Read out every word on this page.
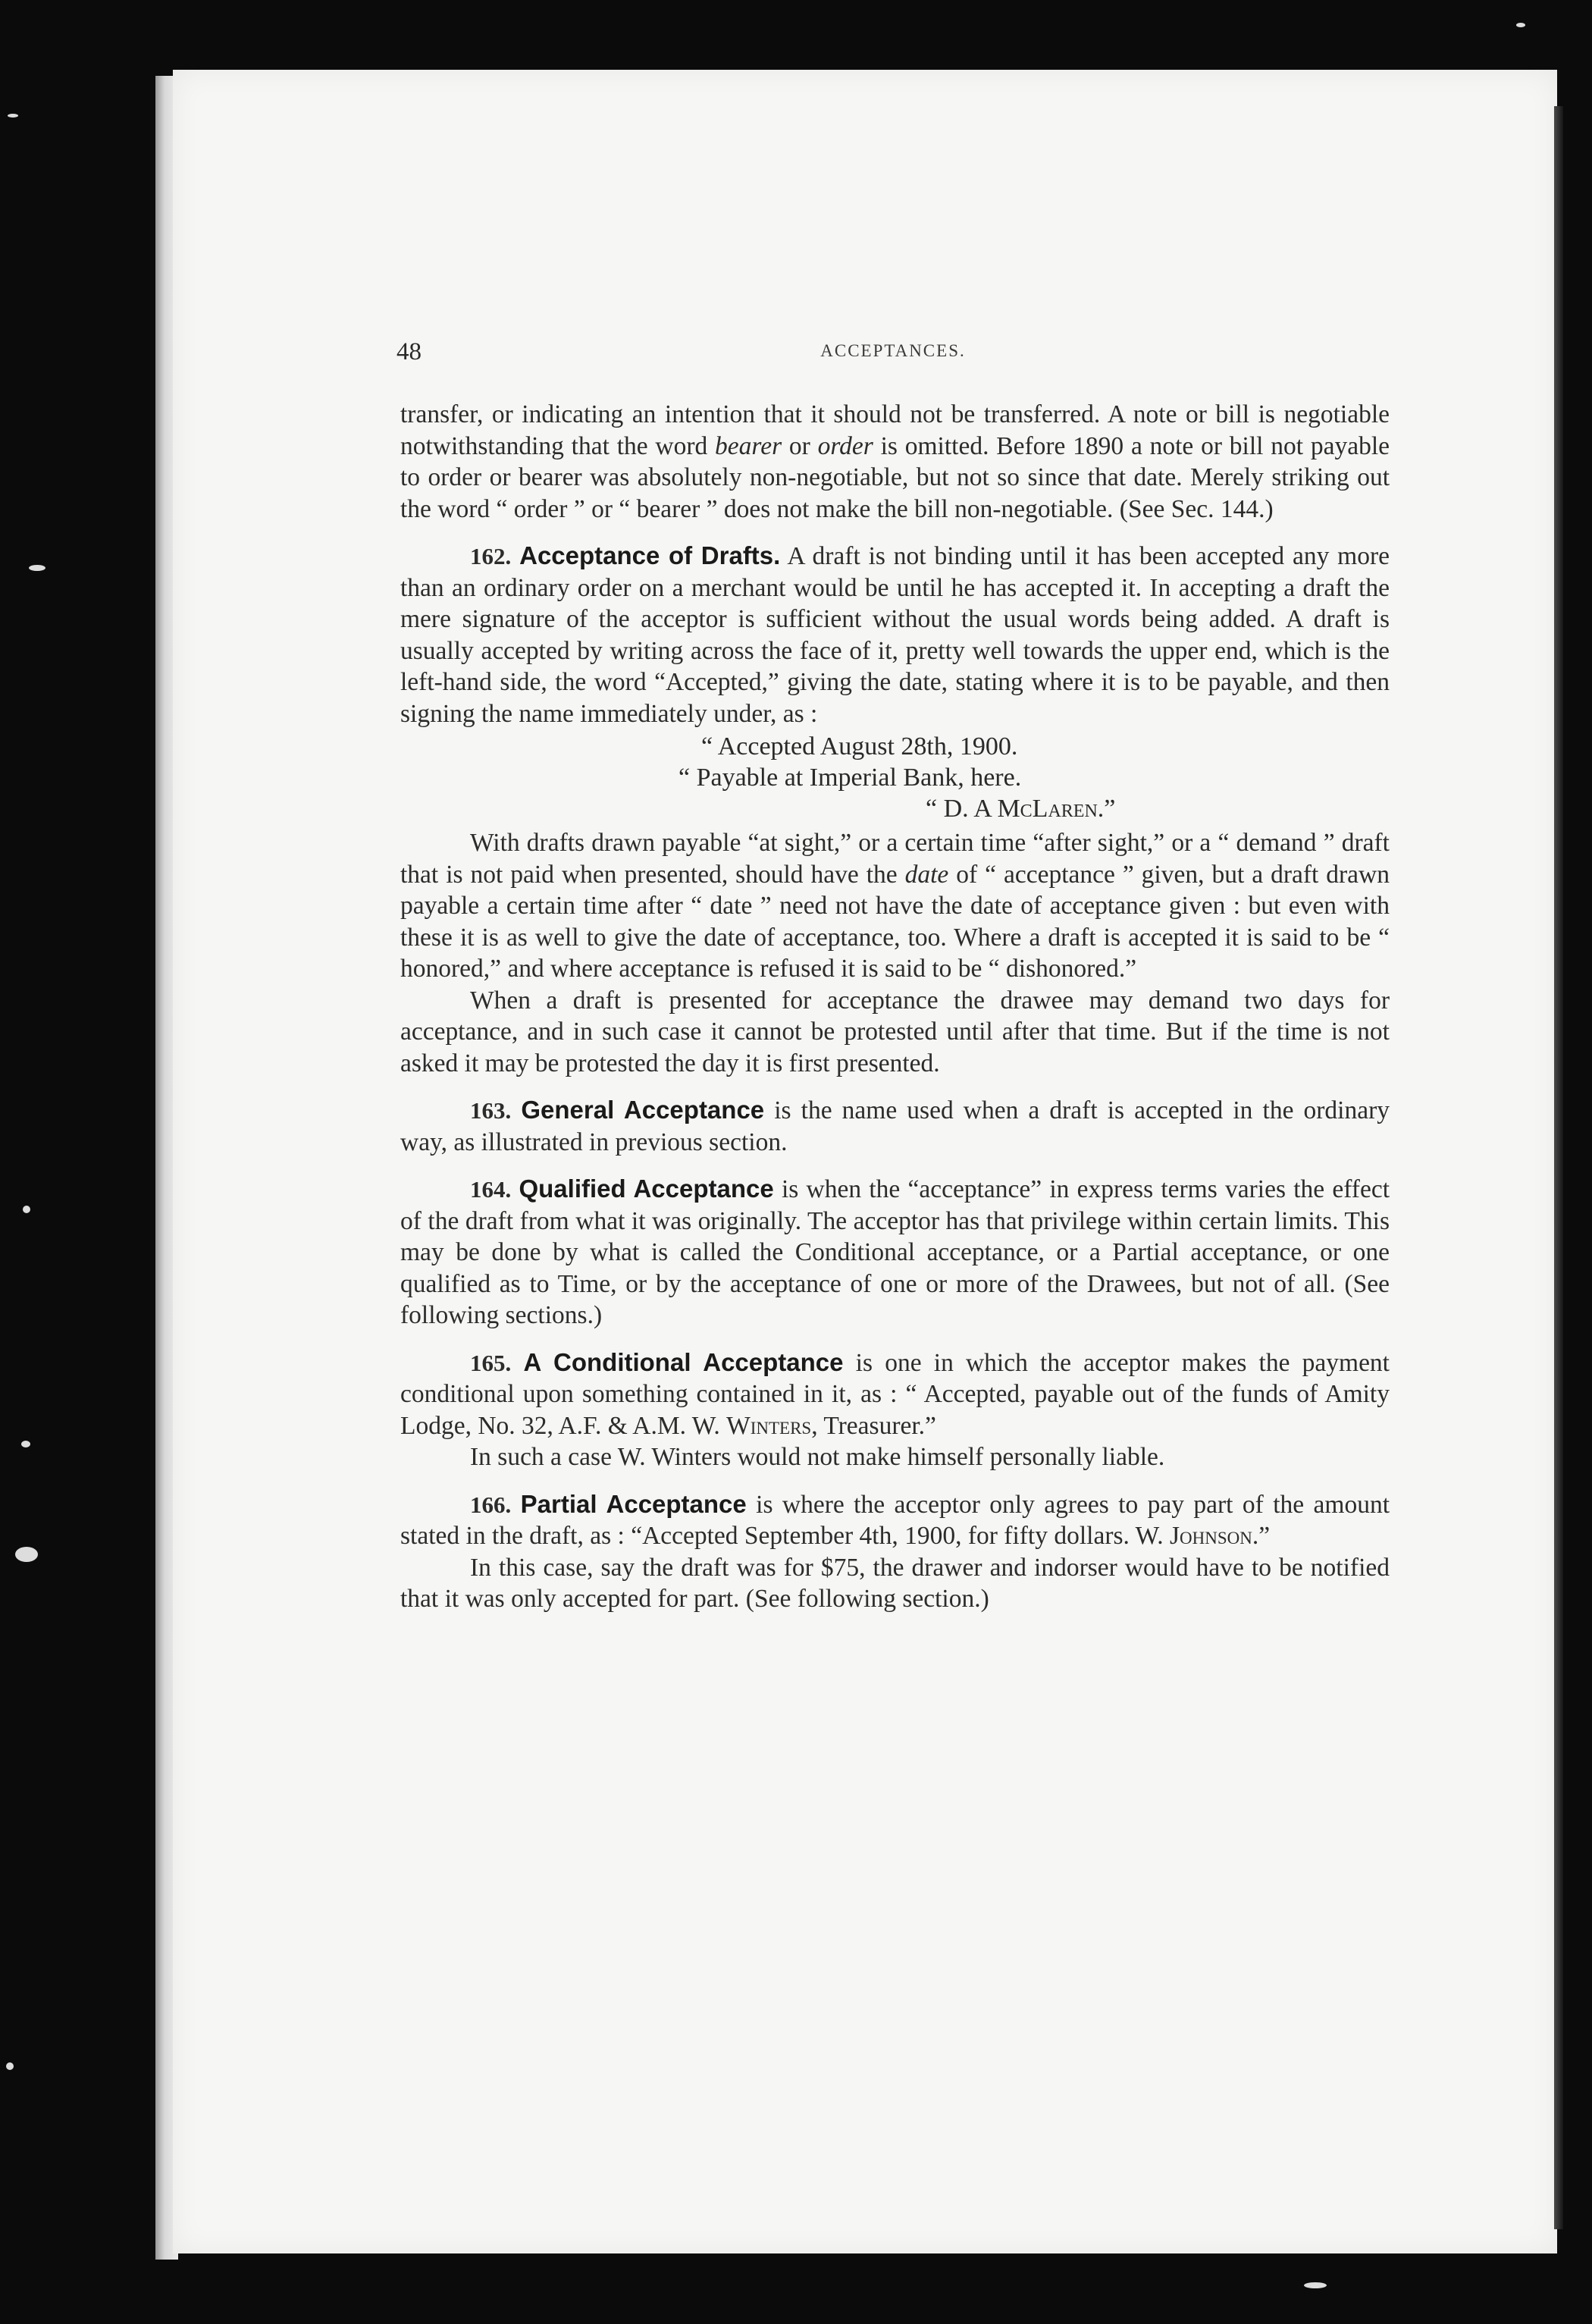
48	ACCEPTANCES.

transfer, or indicating an intention that it should not be transferred. A note or bill is negotiable notwithstanding that the word bearer or order is omitted. Before 1890 a note or bill not payable to order or bearer was absolutely non-negotiable, but not so since that date. Merely striking out the word “ order ” or “ bearer ” does not make the bill non-negotiable. (See Sec. 144.)

162. Acceptance of Drafts. A draft is not binding until it has been accepted any more than an ordinary order on a merchant would be until he has accepted it. In accepting a draft the mere signature of the acceptor is sufficient without the usual words being added. A draft is usually accepted by writing across the face of it, pretty well towards the upper end, which is the left-hand side, the word “Accepted,” giving the date, stating where it is to be payable, and then signing the name immediately under, as :

“ Accepted August 28th, 1900.
“ Payable at Imperial Bank, here.
“ D. A McLaren.”

With drafts drawn payable “at sight,” or a certain time “after sight,” or a “ demand ” draft that is not paid when presented, should have the date of “ acceptance ” given, but a draft drawn payable a certain time after “ date ” need not have the date of acceptance given : but even with these it is as well to give the date of acceptance, too. Where a draft is accepted it is said to be “ honored,” and where acceptance is refused it is said to be “ dishonored.”

When a draft is presented for acceptance the drawee may demand two days for acceptance, and in such case it cannot be protested until after that time. But if the time is not asked it may be protested the day it is first presented.

163. General Acceptance is the name used when a draft is accepted in the ordinary way, as illustrated in previous section.

164. Qualified Acceptance is when the “acceptance” in express terms varies the effect of the draft from what it was originally. The acceptor has that privilege within certain limits. This may be done by what is called the Conditional acceptance, or a Partial acceptance, or one qualified as to Time, or by the acceptance of one or more of the Drawees, but not of all. (See following sections.)

165. A Conditional Acceptance is one in which the acceptor makes the payment conditional upon something contained in it, as : “ Accepted, payable out of the funds of Amity Lodge, No. 32, A.F. & A.M. W. Winters, Treasurer.”

In such a case W. Winters would not make himself personally liable.

166. Partial Acceptance is where the acceptor only agrees to pay part of the amount stated in the draft, as : “Accepted September 4th, 1900, for fifty dollars. W. Johnson.”

In this case, say the draft was for $75, the drawer and indorser would have to be notified that it was only accepted for part. (See following section.)
